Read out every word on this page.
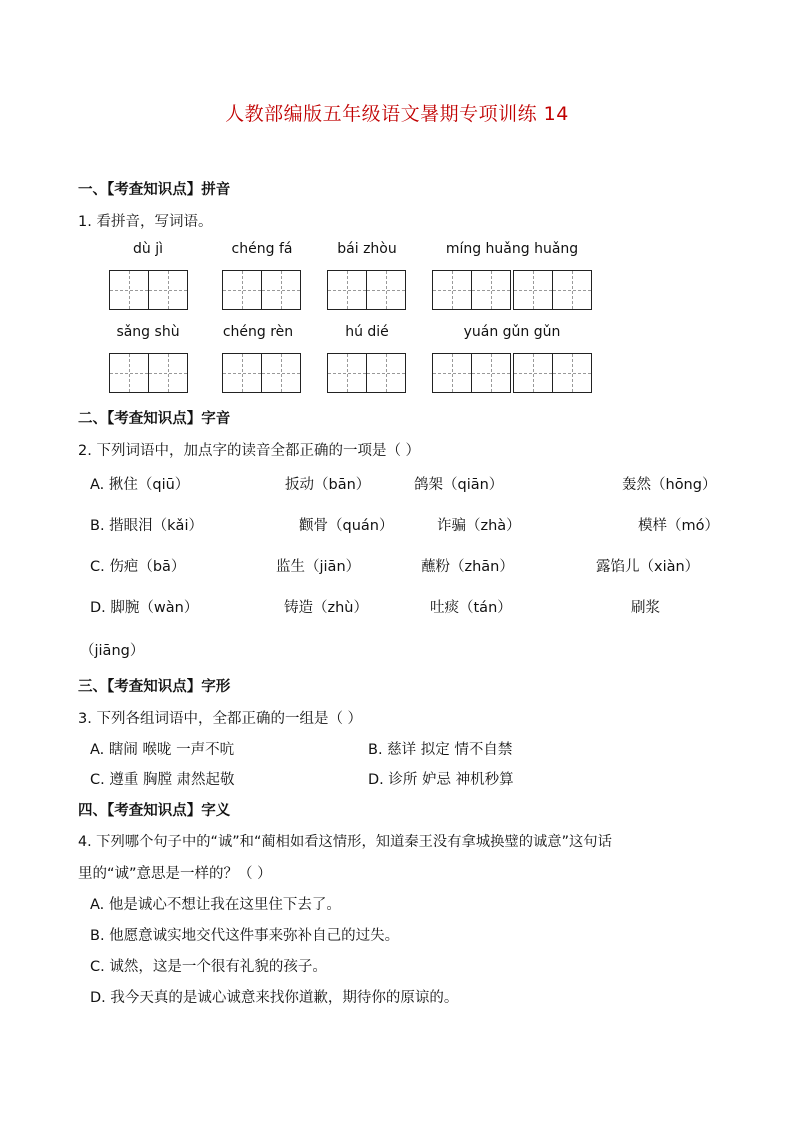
人教部编版五年级语文暑期专项训练 14
一、【考查知识点】拼音
1. 看拼音，写词语。
dù jì	chéng fá	bái zhòu	míng huǎng huǎng
sǎng shù	chéng rèn	hú dié	yuán gǔn gǔn
二、【考查知识点】字音
2. 下列词语中，加点字的读音全都正确的一项是（ ）
A. 揪住（qiū）	扳动（bān）	鸽架（qiān）	轰然（hōng）
B. 揩眼泪（kǎi）	颧骨（quán）	诈骗（zhà）	模样（mó）
C. 伤疤（bā）	监生（jiān）	蘸粉（zhān）	露馅儿（xiàn）
D. 脚腕（wàn）	铸造（zhù）	吐痰（tán）	刷浆
（jiāng）
三、【考查知识点】字形
3. 下列各组词语中，全都正确的一组是（ ）
A. 瞎闹 喉咙 一声不吭	B. 慈详 拟定 情不自禁
C. 遵重 胸膛 肃然起敬	D. 诊所 妒忌 神机秒算
四、【考查知识点】字义
4. 下列哪个句子中的“诚”和“蔺相如看这情形，知道秦王没有拿城换璧的诚意”这句话
里的“诚”意思是一样的？（ ）
A. 他是诚心不想让我在这里住下去了。
B. 他愿意诚实地交代这件事来弥补自己的过失。
C. 诚然，这是一个很有礼貌的孩子。
D. 我今天真的是诚心诚意来找你道歉，期待你的原谅的。
